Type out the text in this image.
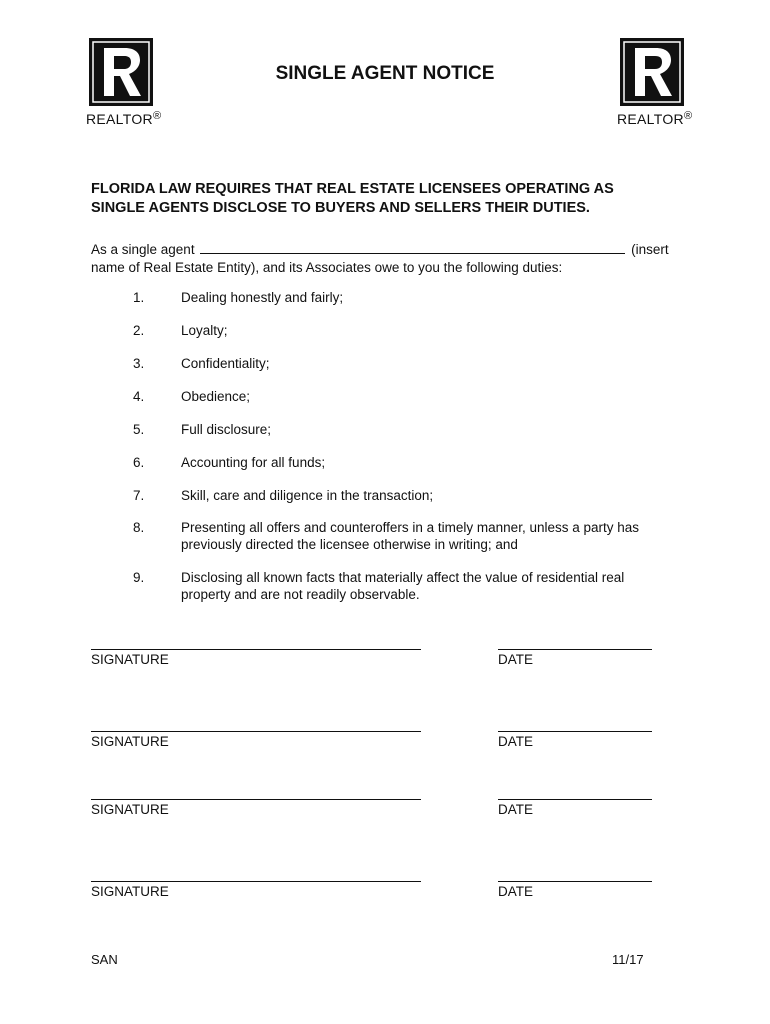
REALTOR®	REALTOR®
SINGLE AGENT NOTICE
FLORIDA LAW REQUIRES THAT REAL ESTATE LICENSEES OPERATING AS
SINGLE AGENTS DISCLOSE TO BUYERS AND SELLERS THEIR DUTIES.
As a single agent	(insert
name of Real Estate Entity), and its Associates owe to you the following duties:
1.	Dealing honestly and fairly;
2.	Loyalty;
3.	Confidentiality;
4.	Obedience;
5.	Full disclosure;
6.	Accounting for all funds;
7.	Skill, care and diligence in the transaction;
8.	Presenting all offers and counteroffers in a timely manner, unless a party has previously directed the licensee otherwise in writing; and
9.	Disclosing all known facts that materially affect the value of residential real property and are not readily observable.
SIGNATURE	DATE
SIGNATURE	DATE
SIGNATURE	DATE
SIGNATURE	DATE
SAN	11/17
